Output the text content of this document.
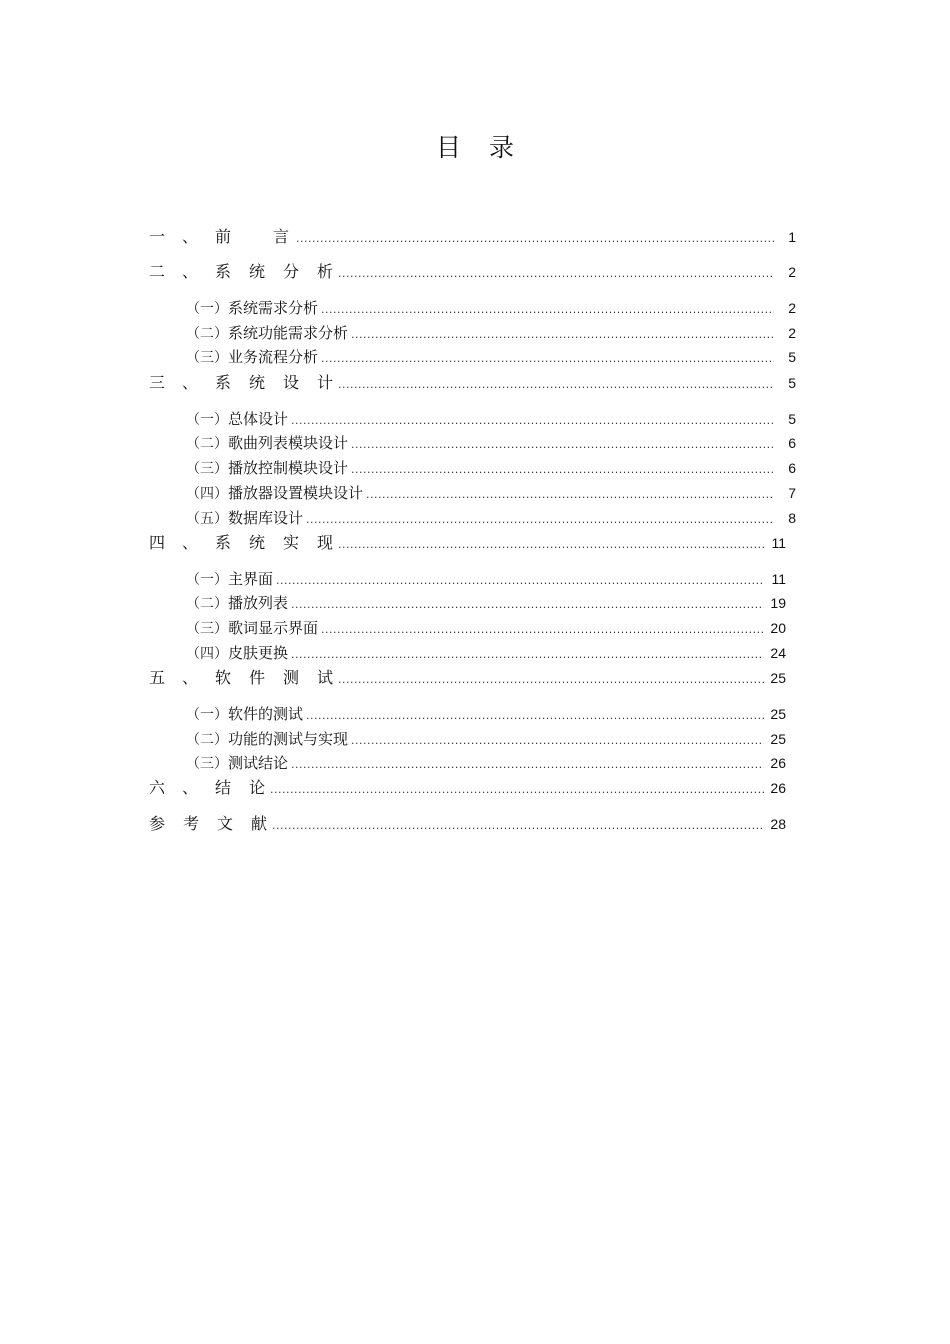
目 录
一	、	前	言 .....	1
二	、	系	统	分	析 .....	2
（一） 系统需求分析 .....	2
（二） 系统功能需求分析 .....	2
（三） 业务流程分析 .....	5
三	、	系	统	设	计 .....	5
（一） 总体设计 .....	5
（二） 歌曲列表模块设计 .....	6
（三） 播放控制模块设计 .....	6
（四） 播放器设置模块设计 .....	7
（五） 数据库设计 .....	8
四	、	系	统	实	现 .....	11
（一） 主界面 .....	11
（二） 播放列表 .....	19
（三） 歌词显示界面 .....	20
（四） 皮肤更换 .....	24
五	、	软	件	测	试 .....	25
（一） 软件的测试 .....	25
（二） 功能的测试与实现 .....	25
（三） 测试结论 .....	26
六	、	结	论 .....	26
参	考	文	献 .....	28
